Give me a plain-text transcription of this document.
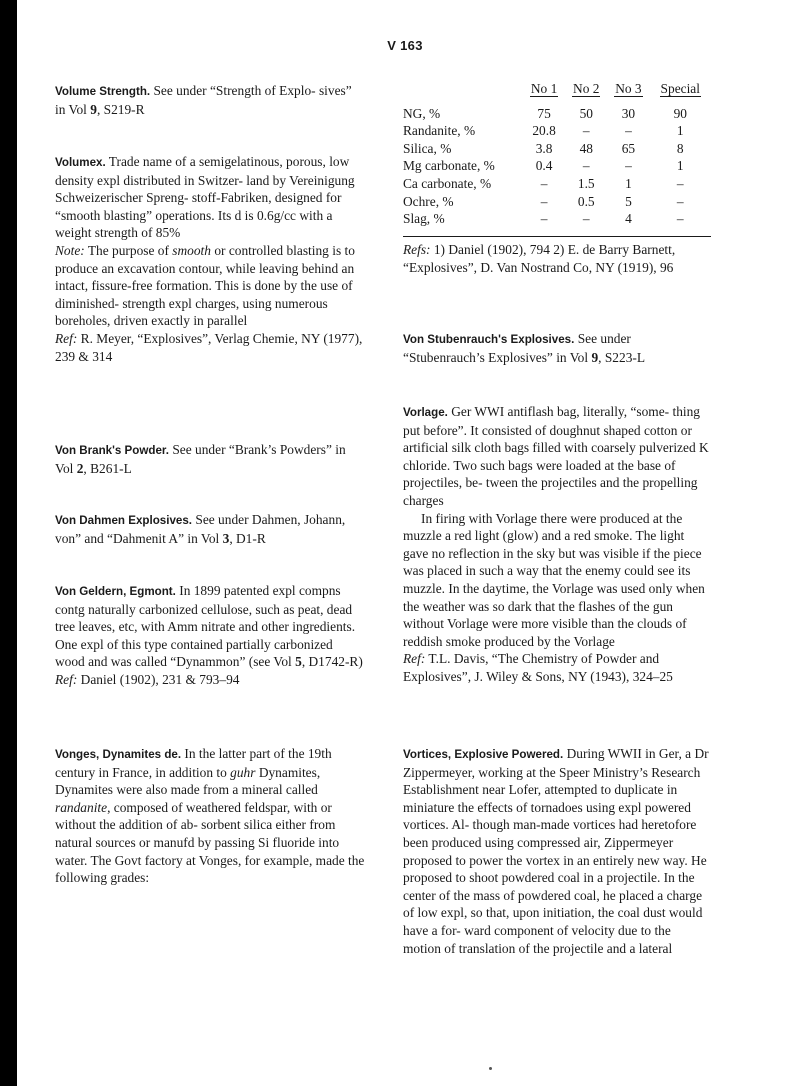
V 163

Volume Strength. See under “Strength of Explo- sives” in Vol 9, S219-R

Volumex. Trade name of a semigelatinous, porous, low density expl distributed in Switzer- land by Vereinigung Schweizerischer Spreng- stoff-Fabriken, designed for “smooth blasting” operations. Its d is 0.6g/cc with a weight strength of 85%

Note: The purpose of smooth or controlled blasting is to produce an excavation contour, while leaving behind an intact, fissure-free formation. This is done by the use of diminished- strength expl charges, using numerous boreholes, driven exactly in parallel

Ref: R. Meyer, “Explosives”, Verlag Chemie, NY (1977), 239 & 314

Von Brank's Powder. See under “Brank’s Powders” in Vol 2, B261-L

Von Dahmen Explosives. See under Dahmen, Johann, von” and “Dahmenit A” in Vol 3, D1-R

Von Geldern, Egmont. In 1899 patented expl compns contg naturally carbonized cellulose, such as peat, dead tree leaves, etc, with Amm nitrate and other ingredients. One expl of this type contained partially carbonized wood and was called “Dynammon” (see Vol 5, D1742-R)

Ref: Daniel (1902), 231 & 793–94

Vonges, Dynamites de. In the latter part of the 19th century in France, in addition to guhr Dynamites, Dynamites were also made from a mineral called randanite, composed of weathered feldspar, with or without the addition of ab- sorbent silica either from natural sources or manufd by passing Si fluoride into water. The Govt factory at Vonges, for example, made the following grades:

	No 1	No 2	No 3	Special
NG, %	75	50	30	90
Randanite, %	20.8	–	–	1
Silica, %	3.8	48	65	8
Mg carbonate, %	0.4	–	–	1
Ca carbonate, %	–	1.5	1	–
Ochre, %	–	0.5	5	–
Slag, %	–	–	4	–

Refs: 1) Daniel (1902), 794 2) E. de Barry Barnett, “Explosives”, D. Van Nostrand Co, NY (1919), 96

Von Stubenrauch's Explosives. See under “Stubenrauch’s Explosives” in Vol 9, S223-L

Vorlage. Ger WWI antiflash bag, literally, “some- thing put before”. It consisted of doughnut shaped cotton or artificial silk cloth bags filled with coarsely pulverized K chloride. Two such bags were loaded at the base of projectiles, be- tween the projectiles and the propelling charges

In firing with Vorlage there were produced at the muzzle a red light (glow) and a red smoke. The light gave no reflection in the sky but was visible if the piece was placed in such a way that the enemy could see its muzzle. In the daytime, the Vorlage was used only when the weather was so dark that the flashes of the gun without Vorlage were more visible than the clouds of reddish smoke produced by the Vorlage

Ref: T.L. Davis, “The Chemistry of Powder and Explosives”, J. Wiley & Sons, NY (1943), 324–25

Vortices, Explosive Powered. During WWII in Ger, a Dr Zippermeyer, working at the Speer Ministry’s Research Establishment near Lofer, attempted to duplicate in miniature the effects of tornadoes using expl powered vortices. Al- though man-made vortices had heretofore been produced using compressed air, Zippermeyer proposed to power the vortex in an entirely new way. He proposed to shoot powdered coal in a projectile. In the center of the mass of powdered coal, he placed a charge of low expl, so that, upon initiation, the coal dust would have a for- ward component of velocity due to the motion of translation of the projectile and a lateral
